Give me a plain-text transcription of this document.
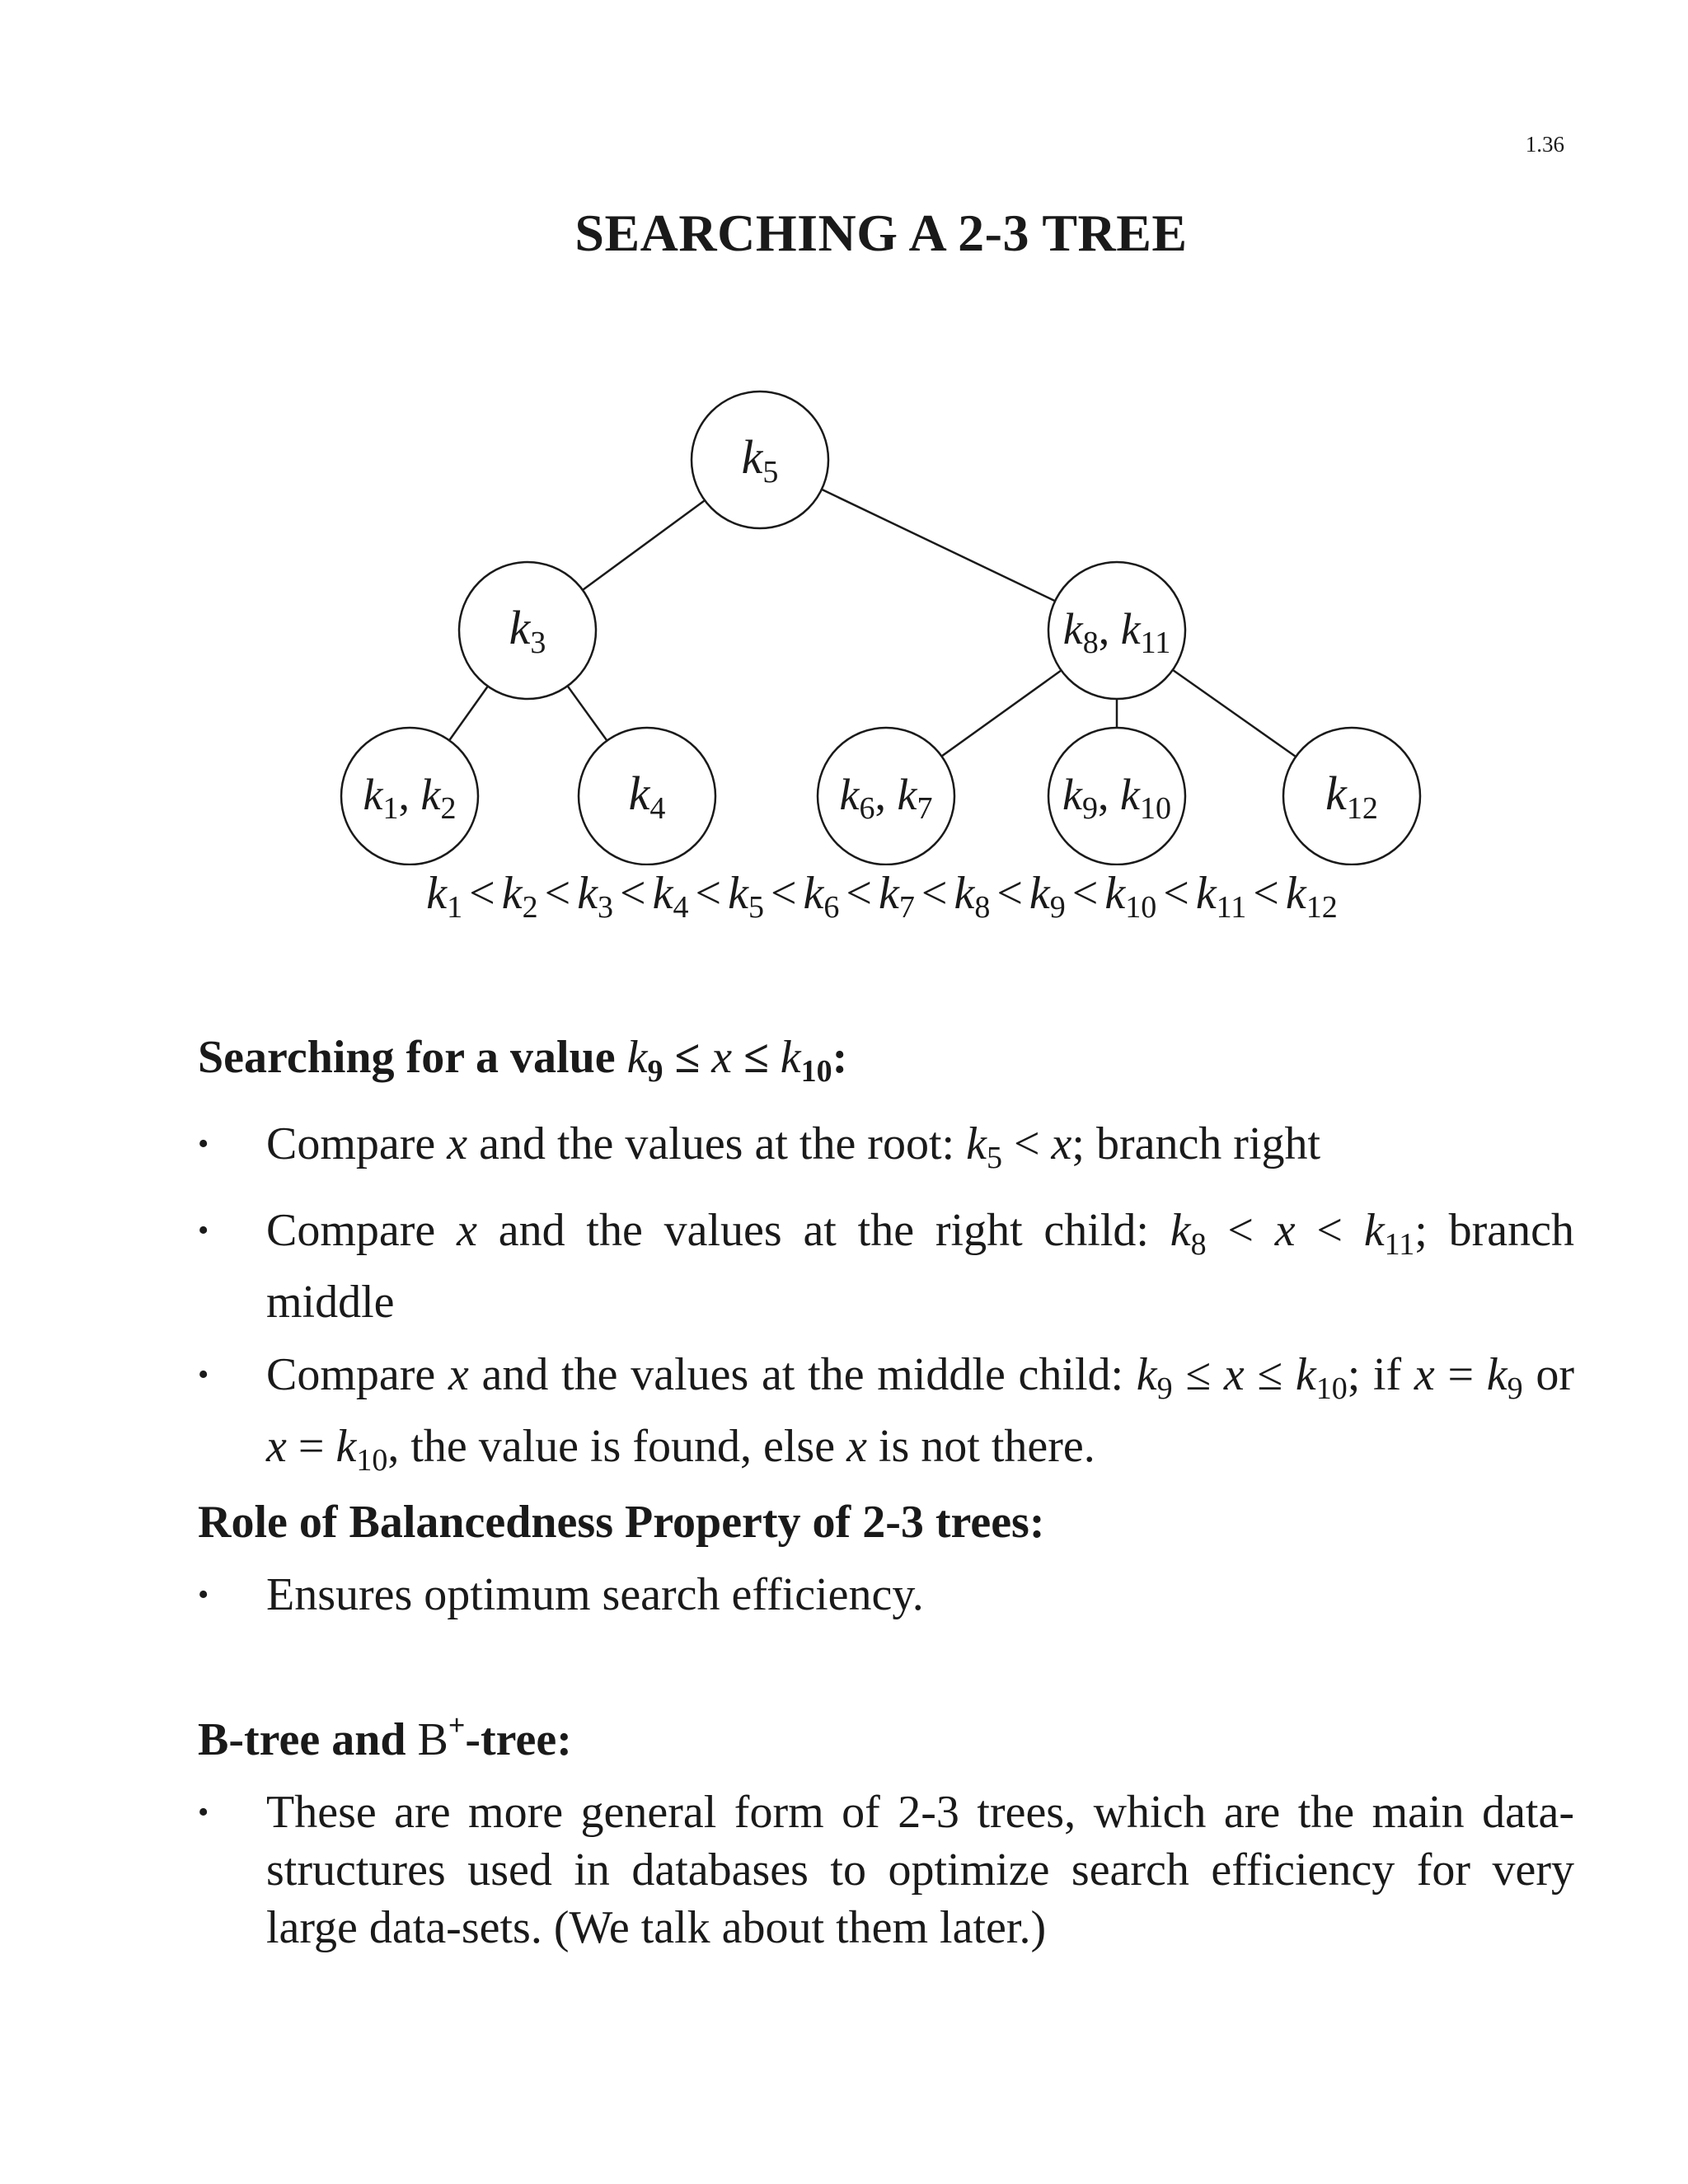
1.36
SEARCHING A 2-3 TREE
k5
k3	$k_8$, $k_{11}$
$k_1$, $k_2$	k4	$k_6$, $k_7$	$k_9$, $k_{10}$	k12
$k_1 < k_2 < k_3 < k_4 < k_5 < k_6 < k_7 < k_8 < k_9 < k_{10} < k_{11} < k_{12}$
Searching for a value $k_9 \le x \le k_{10}$:
• Compare x and the values at the root: $k_5 < x$; branch right
• Compare x and the values at the right child: $k_8 < x < k_{11}$; branch middle
• Compare x and the values at the middle child: $k_9 \le x \le k_{10}$; if $x = k_9$ or $x = k_{10}$, the value is found, else x is not there.
Role of Balancedness Property of 2-3 trees:
• Ensures optimum search efficiency.
B-tree and B+-tree:
• These are more general form of 2-3 trees, which are the main data-structures used in databases to optimize search efficiency for very large data-sets. (We talk about them later.)
